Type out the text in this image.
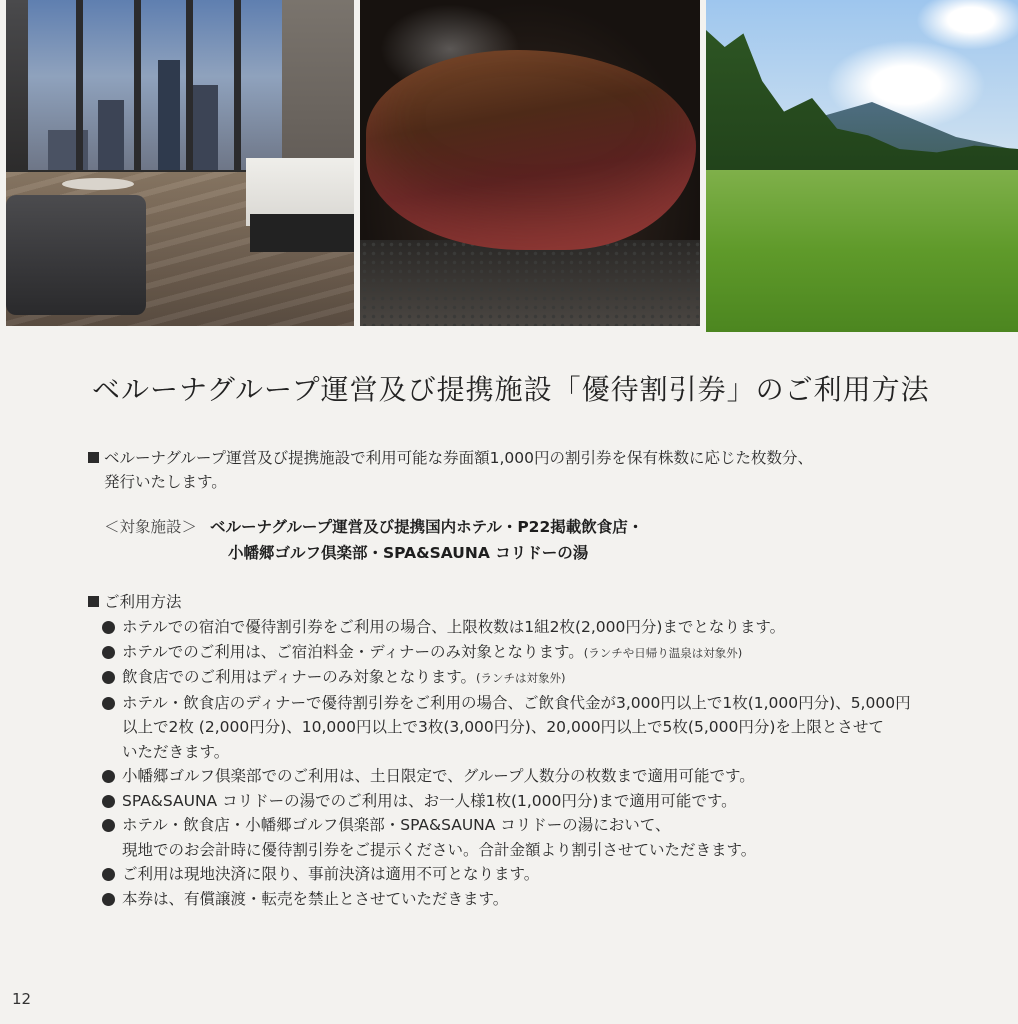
ベルーナグループ運営及び提携施設「優待割引券」のご利用方法
ベルーナグループ運営及び提携施設で利用可能な券面額1,000円の割引券を保有株数に応じた枚数分、
発行いたします。
＜対象施設＞ ベルーナグループ運営及び提携国内ホテル・P22掲載飲食店・
小幡郷ゴルフ倶楽部・SPA&SAUNA コリドーの湯
ご利用方法
ホテルでの宿泊で優待割引券をご利用の場合、上限枚数は1組2枚(2,000円分)までとなります。
ホテルでのご利用は、ご宿泊料金・ディナーのみ対象となります。(ランチや日帰り温泉は対象外)
飲食店でのご利用はディナーのみ対象となります。(ランチは対象外)
ホテル・飲食店のディナーで優待割引券をご利用の場合、ご飲食代金が3,000円以上で1枚(1,000円分)、5,000円
以上で2枚 (2,000円分)、10,000円以上で3枚(3,000円分)、20,000円以上で5枚(5,000円分)を上限とさせて
いただきます。
小幡郷ゴルフ倶楽部でのご利用は、土日限定で、グループ人数分の枚数まで適用可能です。
SPA&SAUNA コリドーの湯でのご利用は、お一人様1枚(1,000円分)まで適用可能です。
ホテル・飲食店・小幡郷ゴルフ倶楽部・SPA&SAUNA コリドーの湯において、
現地でのお会計時に優待割引券をご提示ください。合計金額より割引させていただきます。
ご利用は現地決済に限り、事前決済は適用不可となります。
本券は、有償譲渡・転売を禁止とさせていただきます。
12
